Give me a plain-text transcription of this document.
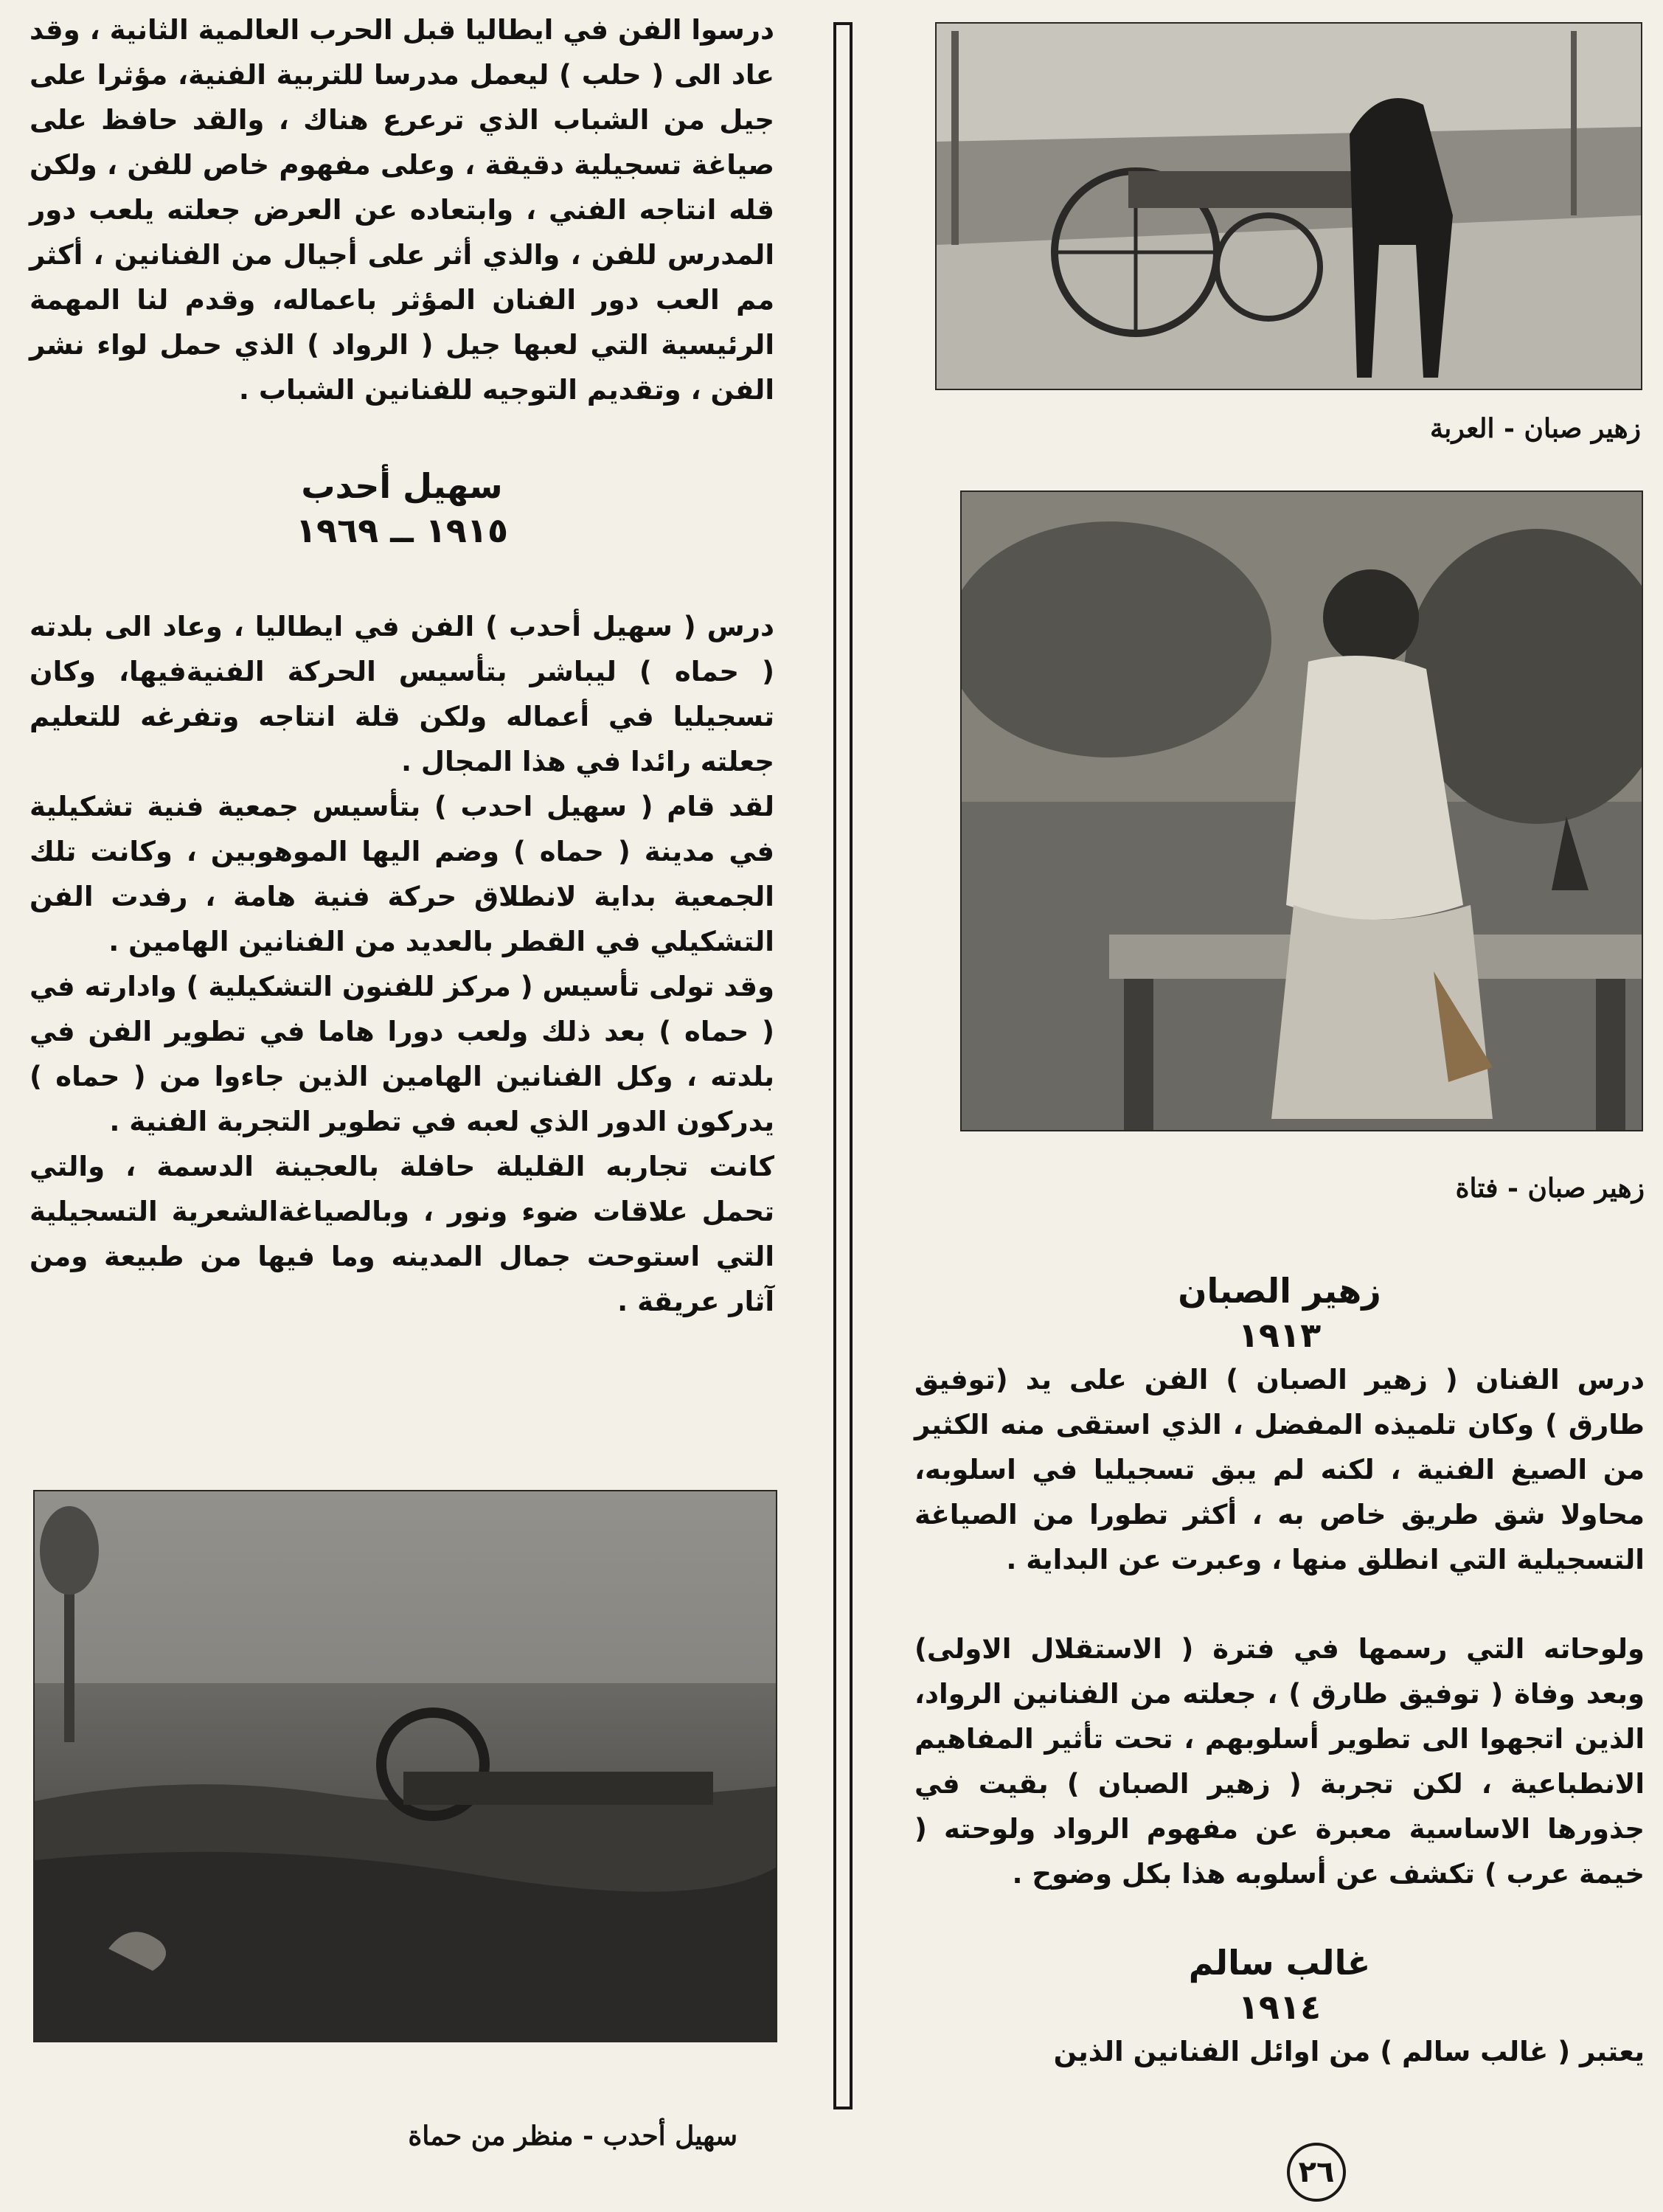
درسوا الفن في ايطاليا قبل الحرب العالمية الثانية ، وقد عاد الى ( حلب ) ليعمل مدرسا للتربية الفنية، مؤثرا على جيل من الشباب الذي ترعرع هناك ، والقد حافظ على صياغة تسجيلية دقيقة ، وعلى مفهوم خاص للفن ، ولكن قله انتاجه الفني ، وابتعاده عن العرض جعلته يلعب دور المدرس للفن ، والذي أثر على أجيال من الفنانين ، أكثر مم العب دور الفنان المؤثر باعماله، وقدم لنا المهمة الرئيسية التي لعبها جيل ( الرواد ) الذي حمل لواء نشر الفن ، وتقديم التوجيه للفنانين الشباب .

سهيل أحدب

١٩١٥ ــ ١٩٦٩

درس ( سهيل أحدب ) الفن في ايطاليا ، وعاد الى بلدته ( حماه ) ليباشر بتأسيس الحركة الفنيةفيها، وكان تسجيليا في أعماله ولكن قلة انتاجه وتفرغه للتعليم جعلته رائدا في هذا المجال .

لقد قام ( سهيل احدب ) بتأسيس جمعية فنية تشكيلية في مدينة ( حماه ) وضم اليها الموهوبين ، وكانت تلك الجمعية بداية لانطلاق حركة فنية هامة ، رفدت الفن التشكيلي في القطر بالعديد من الفنانين الهامين .

وقد تولى تأسيس ( مركز للفنون التشكيلية ) وادارته في ( حماه ) بعد ذلك ولعب دورا هاما في تطوير الفن في بلدته ، وكل الفنانين الهامين الذين جاءوا من ( حماه ) يدركون الدور الذي لعبه في تطوير التجربة الفنية .

كانت تجاربه القليلة حافلة بالعجينة الدسمة ، والتي تحمل علاقات ضوء ونور ، وبالصياغةالشعرية التسجيلية التي استوحت جمال المدينه وما فيها من طبيعة ومن آثار عريقة .

سهيل أحدب - منظر من حماة
زهير صبان - العربة
زهير صبان - فتاة

زهير الصبان

١٩١٣

درس الفنان ( زهير الصبان ) الفن على يد (توفيق طارق ) وكان تلميذه المفضل ، الذي استقى منه الكثير من الصيغ الفنية ، لكنه لم يبق تسجيليا في اسلوبه، محاولا شق طريق خاص به ، أكثر تطورا من الصياغة التسجيلية التي انطلق منها ، وعبرت عن البداية .

ولوحاته التي رسمها في فترة ( الاستقلال الاولى) وبعد وفاة ( توفيق طارق ) ، جعلته من الفنانين الرواد، الذين اتجهوا الى تطوير أسلوبهم ، تحت تأثير المفاهيم الانطباعية ، لكن تجربة ( زهير الصبان ) بقيت في جذورها الاساسية معبرة عن مفهوم الرواد ولوحته ( خيمة عرب ) تكشف عن أسلوبه هذا بكل وضوح .

غالب سالم

١٩١٤

يعتبر ( غالب سالم ) من اوائل الفنانين الذين

٢٦
